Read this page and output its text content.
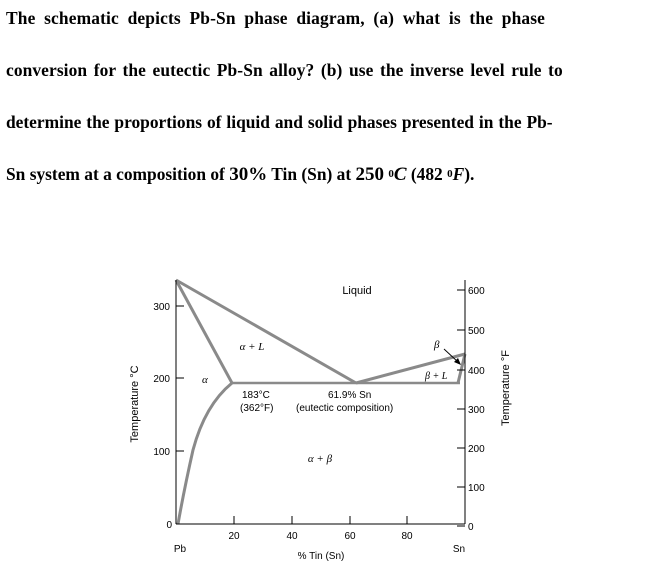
The schematic depicts Pb-Sn phase diagram, (a) what is the phase
conversion for the eutectic Pb-Sn alloy? (b) use the inverse level rule to
determine the proportions of liquid and solid phases presented in the Pb-
Sn system at a composition of 30% Tin (Sn) at 250 $^0$C (482 $^0$F).
300
200
100
0
600
500
400
300
200
100
0
20	40	60	80
Pb	Sn
% Tin (Sn)
Temperature °C	Temperature °F
Liquid
α + L
α
β
β + L
α + β
183°C
(362°F)
61.9% Sn
(eutectic composition)
